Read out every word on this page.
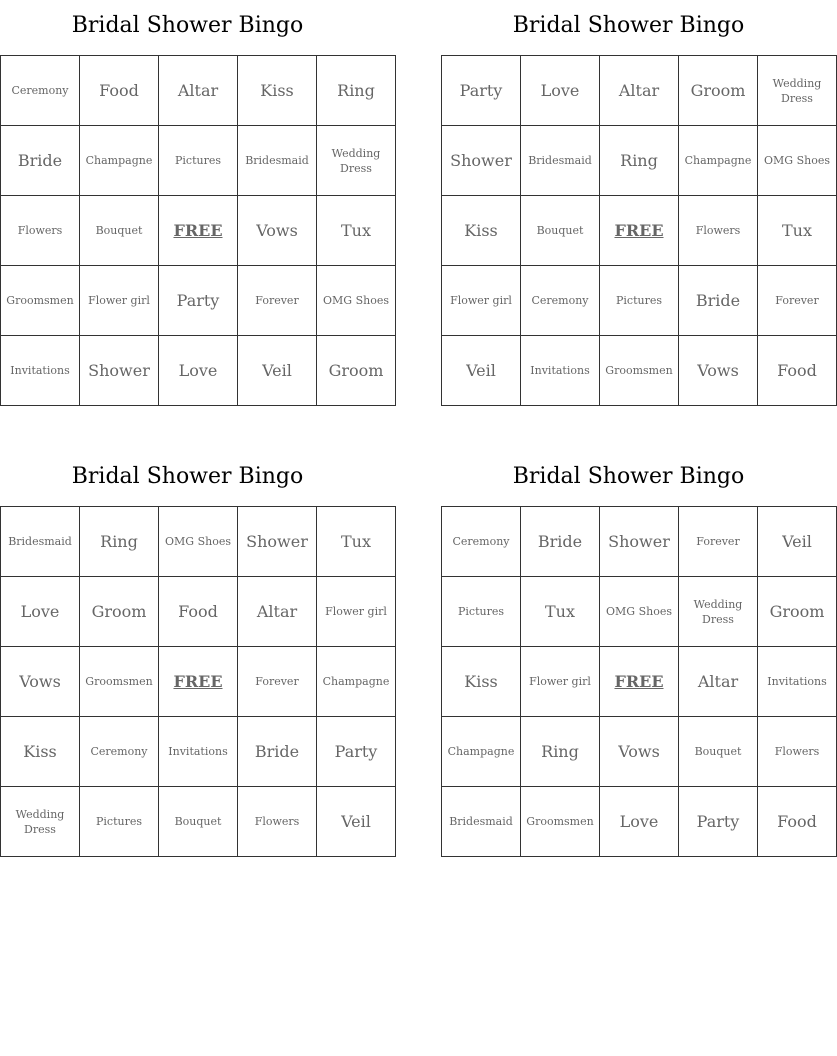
Bridal Shower Bingo
Ceremony	Food	Altar	Kiss	Ring
Bride	Champagne	Pictures	Bridesmaid	Wedding Dress
Flowers	Bouquet	FREE	Vows	Tux
Groomsmen	Flower girl	Party	Forever	OMG Shoes
Invitations	Shower	Love	Veil	Groom
Bridal Shower Bingo
Party	Love	Altar	Groom	Wedding Dress
Shower	Bridesmaid	Ring	Champagne	OMG Shoes
Kiss	Bouquet	FREE	Flowers	Tux
Flower girl	Ceremony	Pictures	Bride	Forever
Veil	Invitations	Groomsmen	Vows	Food
Bridal Shower Bingo
Bridesmaid	Ring	OMG Shoes	Shower	Tux
Love	Groom	Food	Altar	Flower girl
Vows	Groomsmen	FREE	Forever	Champagne
Kiss	Ceremony	Invitations	Bride	Party
Wedding Dress	Pictures	Bouquet	Flowers	Veil
Bridal Shower Bingo
Ceremony	Bride	Shower	Forever	Veil
Pictures	Tux	OMG Shoes	Wedding Dress	Groom
Kiss	Flower girl	FREE	Altar	Invitations
Champagne	Ring	Vows	Bouquet	Flowers
Bridesmaid	Groomsmen	Love	Party	Food
